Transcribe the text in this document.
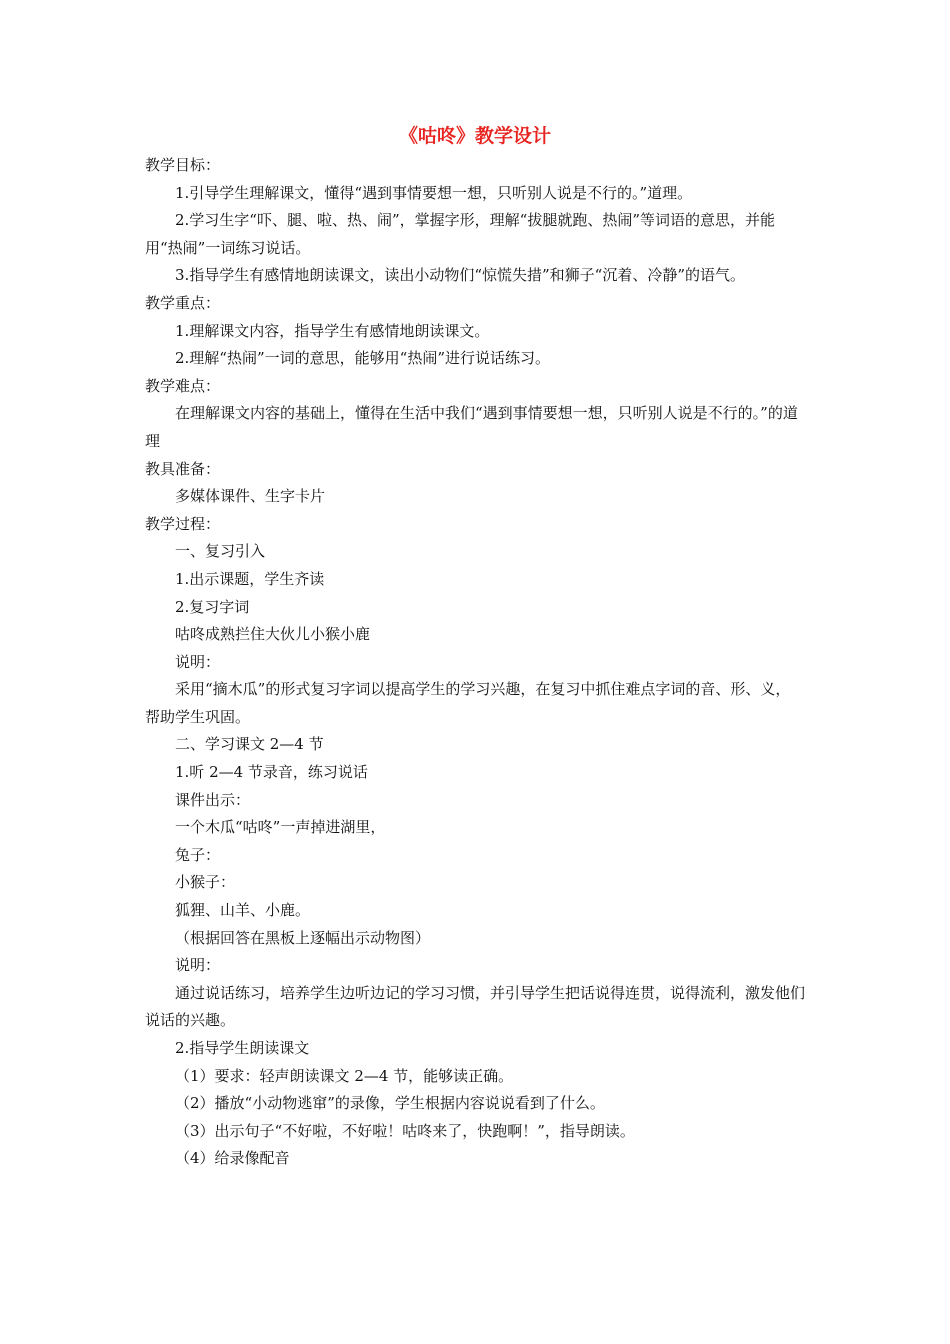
《咕咚》教学设计

教学目标：

1.引导学生理解课文，懂得“遇到事情要想一想，只听别人说是不行的。”道理。

2.学习生字“吓、腿、啦、热、闹”，掌握字形，理解“拔腿就跑、热闹”等词语的意思，并能用“热闹”一词练习说话。

3.指导学生有感情地朗读课文，读出小动物们“惊慌失措”和狮子“沉着、冷静”的语气。

教学重点：

1.理解课文内容，指导学生有感情地朗读课文。

2.理解“热闹”一词的意思，能够用“热闹”进行说话练习。

教学难点：

在理解课文内容的基础上，懂得在生活中我们“遇到事情要想一想，只听别人说是不行的。”的道理

教具准备：

多媒体课件、生字卡片

教学过程：

一、复习引入

1.出示课题，学生齐读

2.复习字词

咕咚成熟拦住大伙儿小猴小鹿

说明：

采用“摘木瓜”的形式复习字词以提高学生的学习兴趣，在复习中抓住难点字词的音、形、义，帮助学生巩固。

二、学习课文 2—4 节

1.听 2—4 节录音，练习说话

课件出示：

一个木瓜“咕咚”一声掉进湖里，

兔子：

小猴子：

狐狸、山羊、小鹿。

（根据回答在黑板上逐幅出示动物图）

说明：

通过说话练习，培养学生边听边记的学习习惯，并引导学生把话说得连贯，说得流利，激发他们说话的兴趣。

2.指导学生朗读课文

（1）要求：轻声朗读课文 2—4 节，能够读正确。

（2）播放“小动物逃窜”的录像，学生根据内容说说看到了什么。

（3）出示句子“不好啦，不好啦！咕咚来了，快跑啊！”，指导朗读。

（4）给录像配音
